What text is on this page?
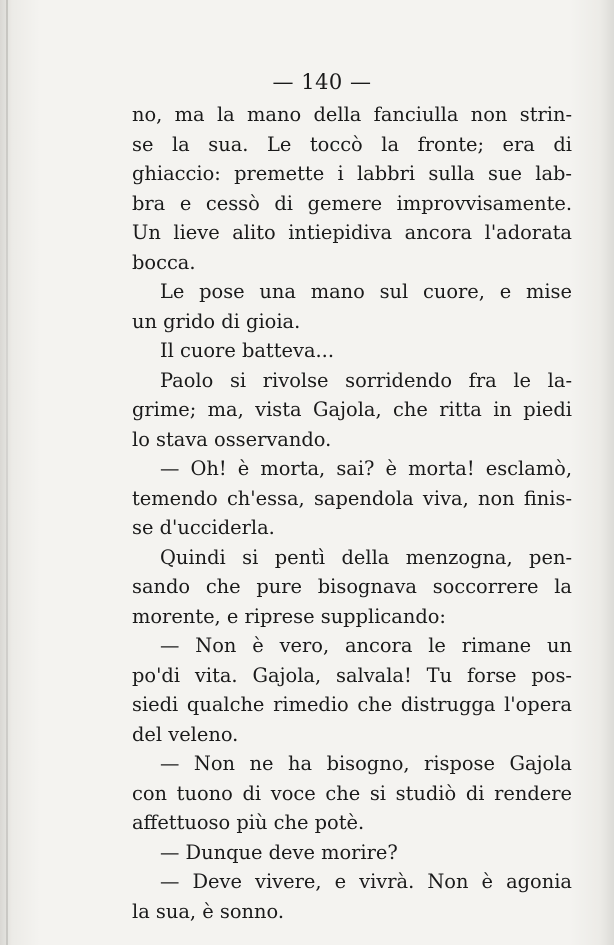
— 140 —
no, ma la mano della fanciulla non strin-
se la sua. Le toccò la fronte; era di
ghiaccio: premette i labbri sulla sue lab-
bra e cessò di gemere improvvisamente.
Un lieve alito intiepidiva ancora l'adorata
bocca.
Le pose una mano sul cuore, e mise
un grido di gioia.
Il cuore batteva...
Paolo si rivolse sorridendo fra le la-
grime; ma, vista Gajola, che ritta in piedi
lo stava osservando.
— Oh! è morta, sai? è morta! esclamò,
temendo ch'essa, sapendola viva, non finis-
se d'ucciderla.
Quindi si pentì della menzogna, pen-
sando che pure bisognava soccorrere la
morente, e riprese supplicando:
— Non è vero, ancora le rimane un
po'di vita. Gajola, salvala! Tu forse pos-
siedi qualche rimedio che distrugga l'opera
del veleno.
— Non ne ha bisogno, rispose Gajola
con tuono di voce che si studiò di rendere
affettuoso più che potè.
— Dunque deve morire?
— Deve vivere, e vivrà. Non è agonia
la sua, è sonno.
